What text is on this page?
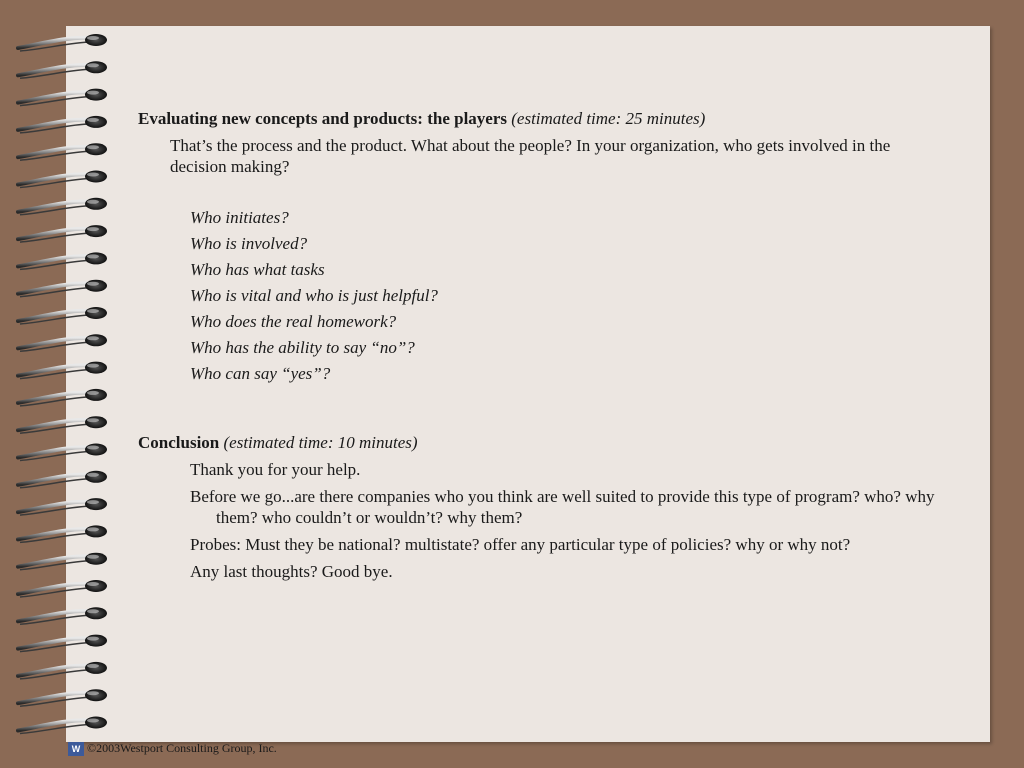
Evaluating new concepts and products: the players (estimated time: 25 minutes)

That’s the process and the product. What about the people? In your organization, who gets involved in the decision making?

Who initiates?
Who is involved?
Who has what tasks
Who is vital and who is just helpful?
Who does the real homework?
Who has the ability to say “no”?
Who can say “yes”?

Conclusion (estimated time: 10 minutes)

Thank you for your help.
Before we go...are there companies who you think are well suited to provide this type of program? who? why them? who couldn’t or wouldn’t? why them?
Probes: Must they be national? multistate? offer any particular type of policies? why or why not?
Any last thoughts? Good bye.
W ©2003Westport Consulting Group, Inc.
